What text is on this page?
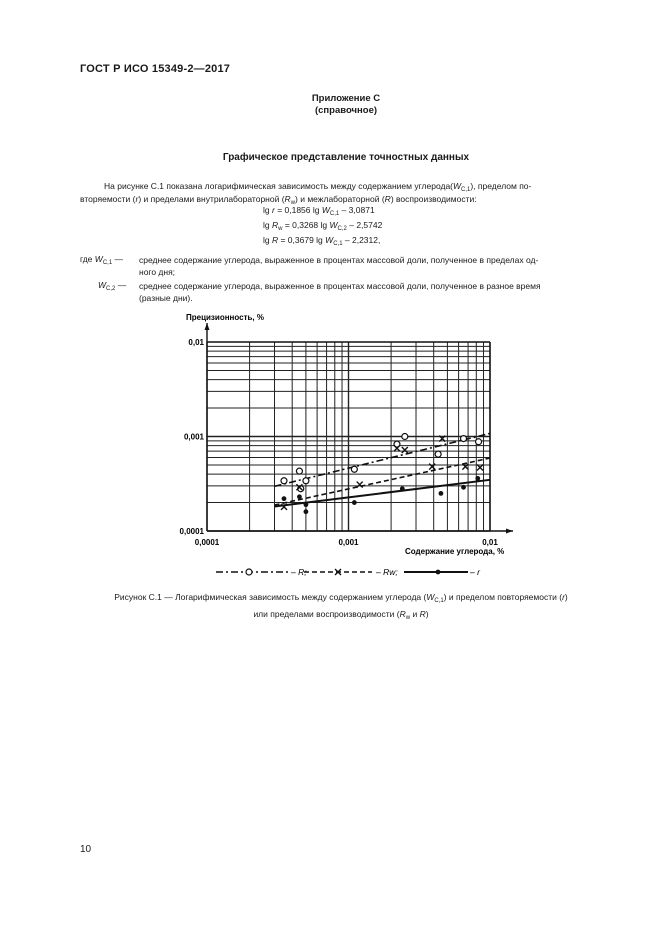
ГОСТ Р ИСО 15349-2—2017
Приложение С
(справочное)
Графическое представление точностных данных
На рисунке С.1 показана логарифмическая зависимость между содержанием $углерода(W_{C,1})$, пределом по-
вторяемости (r) и пределами внутрилабораторной $(R_w)$ и межлабораторной (R) воспроизводимости:
lg r = 0,1856 $\lg W_{C,1} - 3,0871$
$\lg R_w = 0,3268$ $\lg W_{C,2} - 2,5742$
lg R = 0,3679 $\lg W_{C,1} - 2,2312$,
где $W_{C,1}$ — среднее содержание углерода, выраженное в процентах массовой доли, полученное в пределах од-
ного дня;
$W_{C,2}$ — среднее содержание углерода, выраженное в процентах массовой доли, полученное в разное время
(разные дни).
0,0001	0,001	0,01
0,0001
0,001
0,01
Прецизионность, %
Содержание углерода, %
– R;	– Rw;	– r
Рисунок С.1 — Логарифмическая зависимость между содержанием углерода $(W_{C,1})$ и пределом повторяемости (r)
или пределами воспроизводимости ($R_w$ и R)
10
